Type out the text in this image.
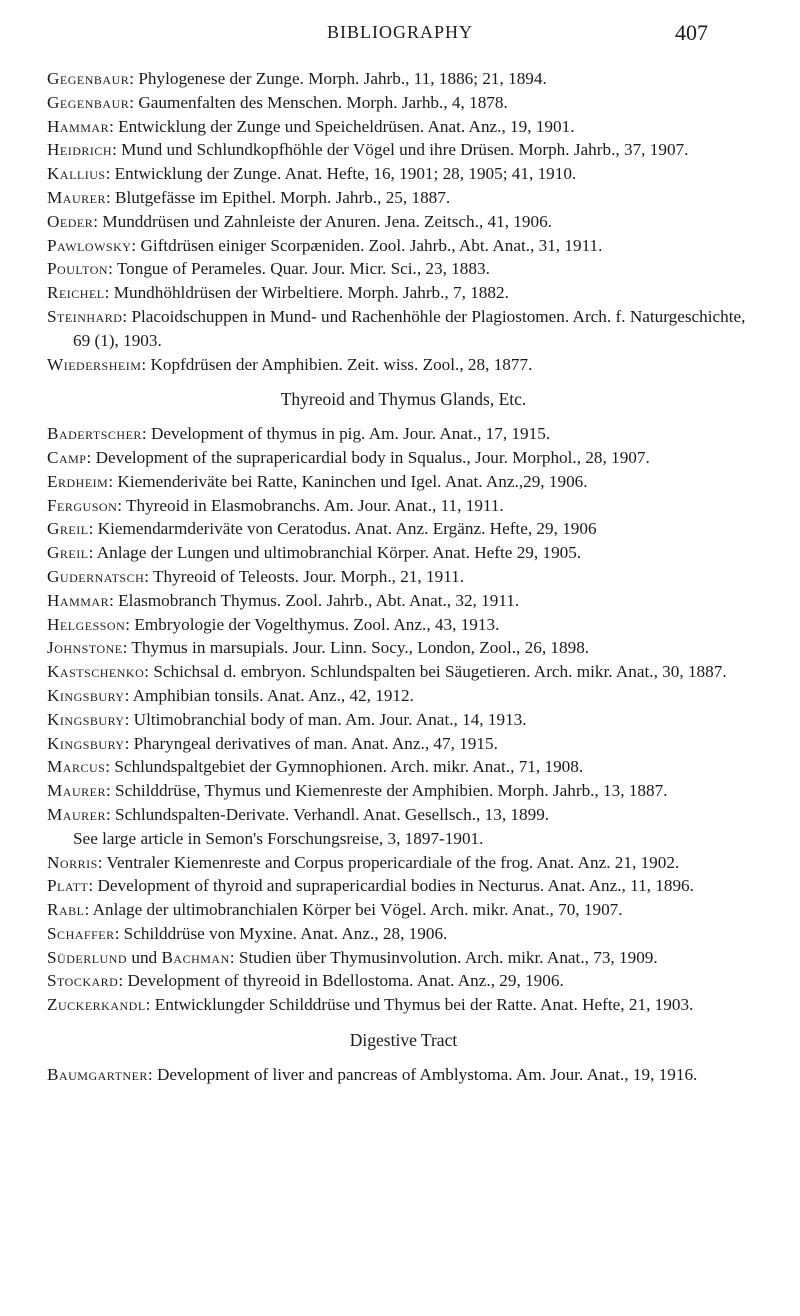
BIBLIOGRAPHY	407

Gegenbaur: Phylogenese der Zunge. Morph. Jahrb., 11, 1886; 21, 1894.

Gegenbaur: Gaumenfalten des Menschen. Morph. Jarhb., 4, 1878.

Hammar: Entwicklung der Zunge und Speicheldrüsen. Anat. Anz., 19, 1901.

Heidrich: Mund und Schlundkopfhöhle der Vögel und ihre Drüsen. Morph. Jahrb., 37, 1907.

Kallius: Entwicklung der Zunge. Anat. Hefte, 16, 1901; 28, 1905; 41, 1910.

Maurer: Blutgefässe im Epithel. Morph. Jahrb., 25, 1887.

Oeder: Munddrüsen und Zahnleiste der Anuren. Jena. Zeitsch., 41, 1906.

Pawlowsky: Giftdrüsen einiger Scorpæniden. Zool. Jahrb., Abt. Anat., 31, 1911.

Poulton: Tongue of Perameles. Quar. Jour. Micr. Sci., 23, 1883.

Reichel: Mundhöhldrüsen der Wirbeltiere. Morph. Jahrb., 7, 1882.

Steinhard: Placoidschuppen in Mund- und Rachenhöhle der Plagiostomen. Arch. f. Naturgeschichte, 69 (1), 1903.

Wiedersheim: Kopfdrüsen der Amphibien. Zeit. wiss. Zool., 28, 1877.

Thyreoid and Thymus Glands, Etc.

Badertscher: Development of thymus in pig. Am. Jour. Anat., 17, 1915.

Camp: Development of the suprapericardial body in Squalus., Jour. Morphol., 28, 1907.

Erdheim: Kiemenderiväte bei Ratte, Kaninchen und Igel. Anat. Anz.,29, 1906.

Ferguson: Thyreoid in Elasmobranchs. Am. Jour. Anat., 11, 1911.

Greil: Kiemendarmderiväte von Ceratodus. Anat. Anz. Ergänz. Hefte, 29, 1906

Greil: Anlage der Lungen und ultimobranchial Körper. Anat. Hefte 29, 1905.

Gudernatsch: Thyreoid of Teleosts. Jour. Morph., 21, 1911.

Hammar: Elasmobranch Thymus. Zool. Jahrb., Abt. Anat., 32, 1911.

Helgesson: Embryologie der Vogelthymus. Zool. Anz., 43, 1913.

Johnstone: Thymus in marsupials. Jour. Linn. Socy., London, Zool., 26, 1898.

Kastschenko: Schichsal d. embryon. Schlundspalten bei Säugetieren. Arch. mikr. Anat., 30, 1887.

Kingsbury: Amphibian tonsils. Anat. Anz., 42, 1912.

Kingsbury: Ultimobranchial body of man. Am. Jour. Anat., 14, 1913.

Kingsbury: Pharyngeal derivatives of man. Anat. Anz., 47, 1915.

Marcus: Schlundspaltgebiet der Gymnophionen. Arch. mikr. Anat., 71, 1908.

Maurer: Schilddrüse, Thymus und Kiemenreste der Amphibien. Morph. Jahrb., 13, 1887.

Maurer: Schlundspalten-Derivate. Verhandl. Anat. Gesellsch., 13, 1899.

See large article in Semon's Forschungsreise, 3, 1897-1901.

Norris: Ventraler Kiemenreste and Corpus propericardiale of the frog. Anat. Anz. 21, 1902.

Platt: Development of thyroid and suprapericardial bodies in Necturus. Anat. Anz., 11, 1896.

Rabl: Anlage der ultimobranchialen Körper bei Vögel. Arch. mikr. Anat., 70, 1907.

Schaffer: Schilddrüse von Myxine. Anat. Anz., 28, 1906.

Süderlund und Bachman: Studien über Thymusinvolution. Arch. mikr. Anat., 73, 1909.

Stockard: Development of thyreoid in Bdellostoma. Anat. Anz., 29, 1906.

Zuckerkandl: Entwicklungder Schilddrüse und Thymus bei der Ratte. Anat. Hefte, 21, 1903.

Digestive Tract

Baumgartner: Development of liver and pancreas of Amblystoma. Am. Jour. Anat., 19, 1916.
